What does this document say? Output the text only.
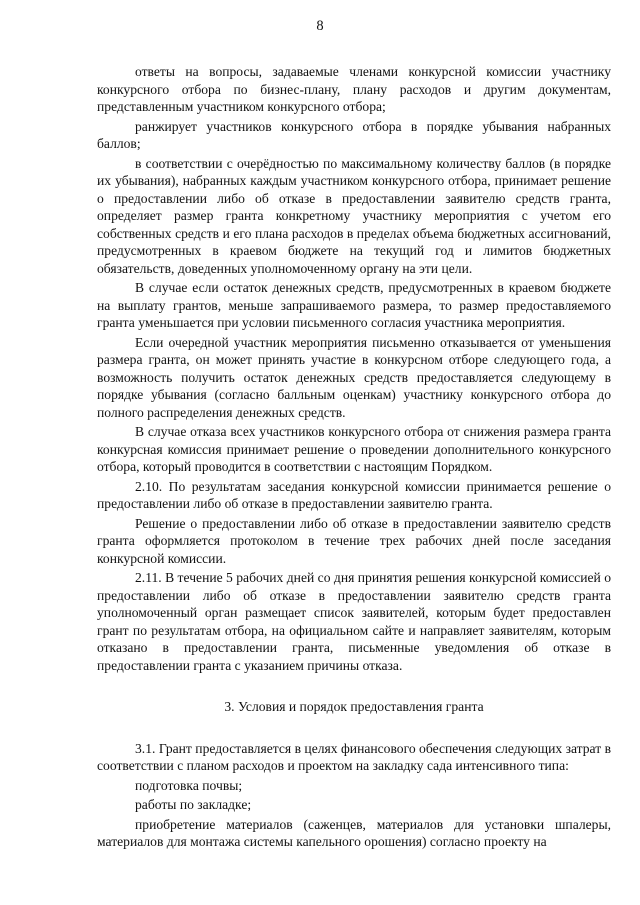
8

ответы на вопросы, задаваемые членами конкурсной комиссии участнику конкурсного отбора по бизнес-плану, плану расходов и другим документам, представленным участником конкурсного отбора;

ранжирует участников конкурсного отбора в порядке убывания набранных баллов;

в соответствии с очерёдностью по максимальному количеству баллов (в порядке их убывания), набранных каждым участником конкурсного отбора, принимает решение о предоставлении либо об отказе в предоставлении заявителю средств гранта, определяет размер гранта конкретному участнику мероприятия с учетом его собственных средств и его плана расходов в пределах объема бюджетных ассигнований, предусмотренных в краевом бюджете на текущий год и лимитов бюджетных обязательств, доведенных уполномоченному органу на эти цели.

В случае если остаток денежных средств, предусмотренных в краевом бюджете на выплату грантов, меньше запрашиваемого размера, то размер предоставляемого гранта уменьшается при условии письменного согласия участника мероприятия.

Если очередной участник мероприятия письменно отказывается от уменьшения размера гранта, он может принять участие в конкурсном отборе следующего года, а возможность получить остаток денежных средств предоставляется следующему в порядке убывания (согласно балльным оценкам) участнику конкурсного отбора до полного распределения денежных средств.

В случае отказа всех участников конкурсного отбора от снижения размера гранта конкурсная комиссия принимает решение о проведении дополнительного конкурсного отбора, который проводится в соответствии с настоящим Порядком.

2.10. По результатам заседания конкурсной комиссии принимается решение о предоставлении либо об отказе в предоставлении заявителю гранта.

Решение о предоставлении либо об отказе в предоставлении заявителю средств гранта оформляется протоколом в течение трех рабочих дней после заседания конкурсной комиссии.

2.11. В течение 5 рабочих дней со дня принятия решения конкурсной комиссией о предоставлении либо об отказе в предоставлении заявителю средств гранта уполномоченный орган размещает список заявителей, которым будет предоставлен грант по результатам отбора, на официальном сайте и направляет заявителям, которым отказано в предоставлении гранта, письменные уведомления об отказе в предоставлении гранта с указанием причины отказа.

3. Условия и порядок предоставления гранта

3.1. Грант предоставляется в целях финансового обеспечения следующих затрат в соответствии с планом расходов и проектом на закладку сада интенсивного типа:

подготовка почвы;

работы по закладке;

приобретение материалов (саженцев, материалов для установки шпалеры, материалов для монтажа системы капельного орошения) согласно проекту на
